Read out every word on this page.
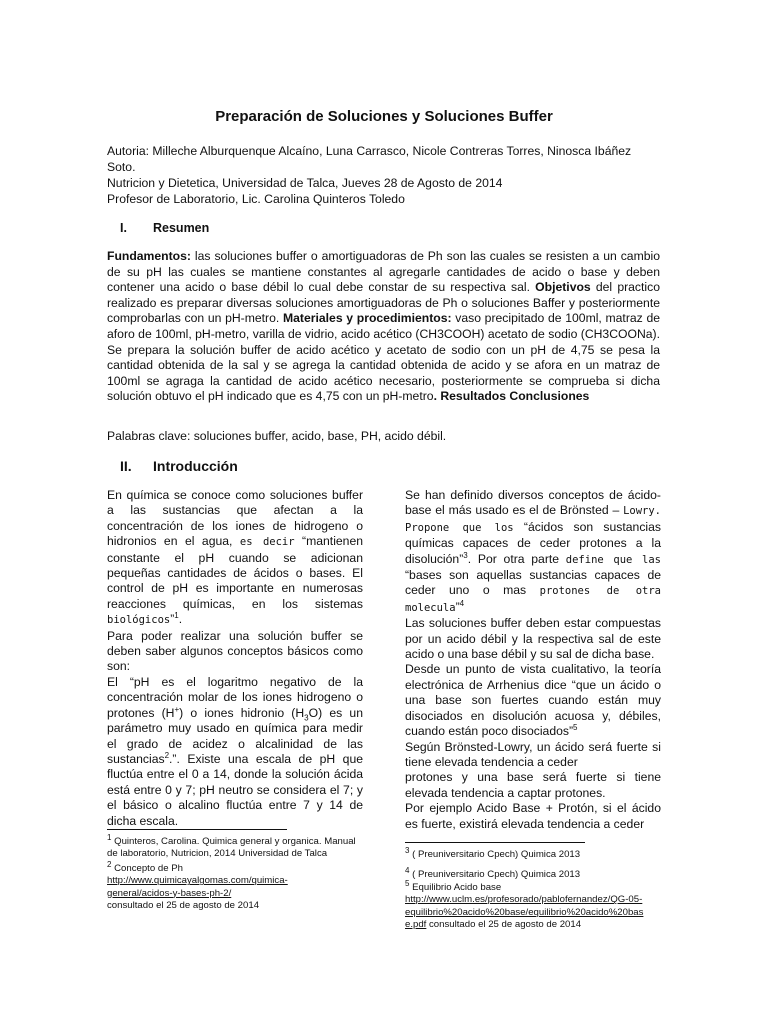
Preparación de Soluciones y Soluciones Buffer
Autoria: Milleche Alburquenque Alcaíno, Luna Carrasco, Nicole Contreras Torres, Ninosca Ibáñez
Soto.
Nutricion y Dietetica, Universidad de Talca, Jueves 28 de Agosto de 2014
Profesor de Laboratorio, Lic. Carolina Quinteros Toledo
I. Resumen
Fundamentos: las soluciones buffer o amortiguadoras de Ph son las cuales se resisten a un cambio de su pH las cuales se mantiene constantes al agregarle cantidades de acido o base y deben contener una acido o base débil lo cual debe constar de su respectiva sal. Objetivos del practico realizado es preparar diversas soluciones amortiguadoras de Ph o soluciones Baffer y posteriormente comprobarlas con un pH-metro. Materiales y procedimientos: vaso precipitado de 100ml, matraz de aforo de 100ml, pH-metro, varilla de vidrio, acido acético (CH3COOH) acetato de sodio (CH3COONa). Se prepara la solución buffer de acido acético y acetato de sodio con un pH de 4,75 se pesa la cantidad obtenida de la sal y se agrega la cantidad obtenida de acido y se afora en un matraz de 100ml se agraga la cantidad de acido acético necesario, posteriormente se comprueba si dicha solución obtuvo el pH indicado que es 4,75 con un pH-metro. Resultados Conclusiones
Palabras clave: soluciones buffer, acido, base, PH, acido débil.
II. Introducción

En química se conoce como soluciones buffer a las sustancias que afectan a la concentración de los iones de hidrogeno o hidronios en el agua, es decir “mantienen constante el pH cuando se adicionan pequeñas cantidades de ácidos o bases. El control de pH es importante en numerosas reacciones químicas, en los sistemas biológicos”$^1$.

Para poder realizar una solución buffer se deben saber algunos conceptos básicos como son:

El “pH es el logaritmo negativo de la concentración molar de los iones hidrogeno o protones (H+) o iones hidronio $(H_3O)$ es un parámetro muy usado en química para medir el grado de acidez o alcalinidad de las sustancias$^2$.”. Existe una escala de pH que fluctúa entre el 0 a 14, donde la solución ácida está entre 0 y 7; pH neutro se considera el 7; y el básico o alcalino fluctúa entre 7 y 14 de dicha escala.

Se han definido diversos conceptos de ácido-base el más usado es el de Brönsted – Lowry. Propone que los “ácidos son sustancias químicas capaces de ceder protones a la disolución”$^3$. Por otra parte define que las “bases son aquellas sustancias capaces de ceder uno o mas protones de otra molecula”$^4$

Las soluciones buffer deben estar compuestas por un acido débil y la respectiva sal de este acido o una base débil y su sal de dicha base.

Desde un punto de vista cualitativo, la teoría electrónica de Arrhenius dice “que un ácido o una base son fuertes cuando están muy disociados en disolución acuosa y, débiles, cuando están poco disociados”$^5$

Según Brönsted-Lowry, un ácido será fuerte si tiene elevada tendencia a ceder

protones y una base será fuerte si tiene elevada tendencia a captar protones.

Por ejemplo Acido Base + Protón, si el ácido es fuerte, existirá elevada tendencia a ceder

$^1$ Quinteros, Carolina. Quimica general y organica. Manual de laboratorio, Nutricion, 2014 Universidad de Talca

$^2$ Concepto de Ph

http://www.quimicayalgomas.com/quimica-

general/acidos-y-bases-ph-2/

consultado el 25 de agosto de 2014

$^3$ ( Preuniversitario Cpech) Quimica 2013

$^4$ ( Preuniversitario Cpech) Quimica 2013

$^5$ Equilibrio Acido base

http://www.uclm.es/profesorado/pablofernandez/QG-05-

equilibrio%20acido%20base/equilibrio%20acido%20bas

e.pdf consultado el 25 de agosto de 2014
